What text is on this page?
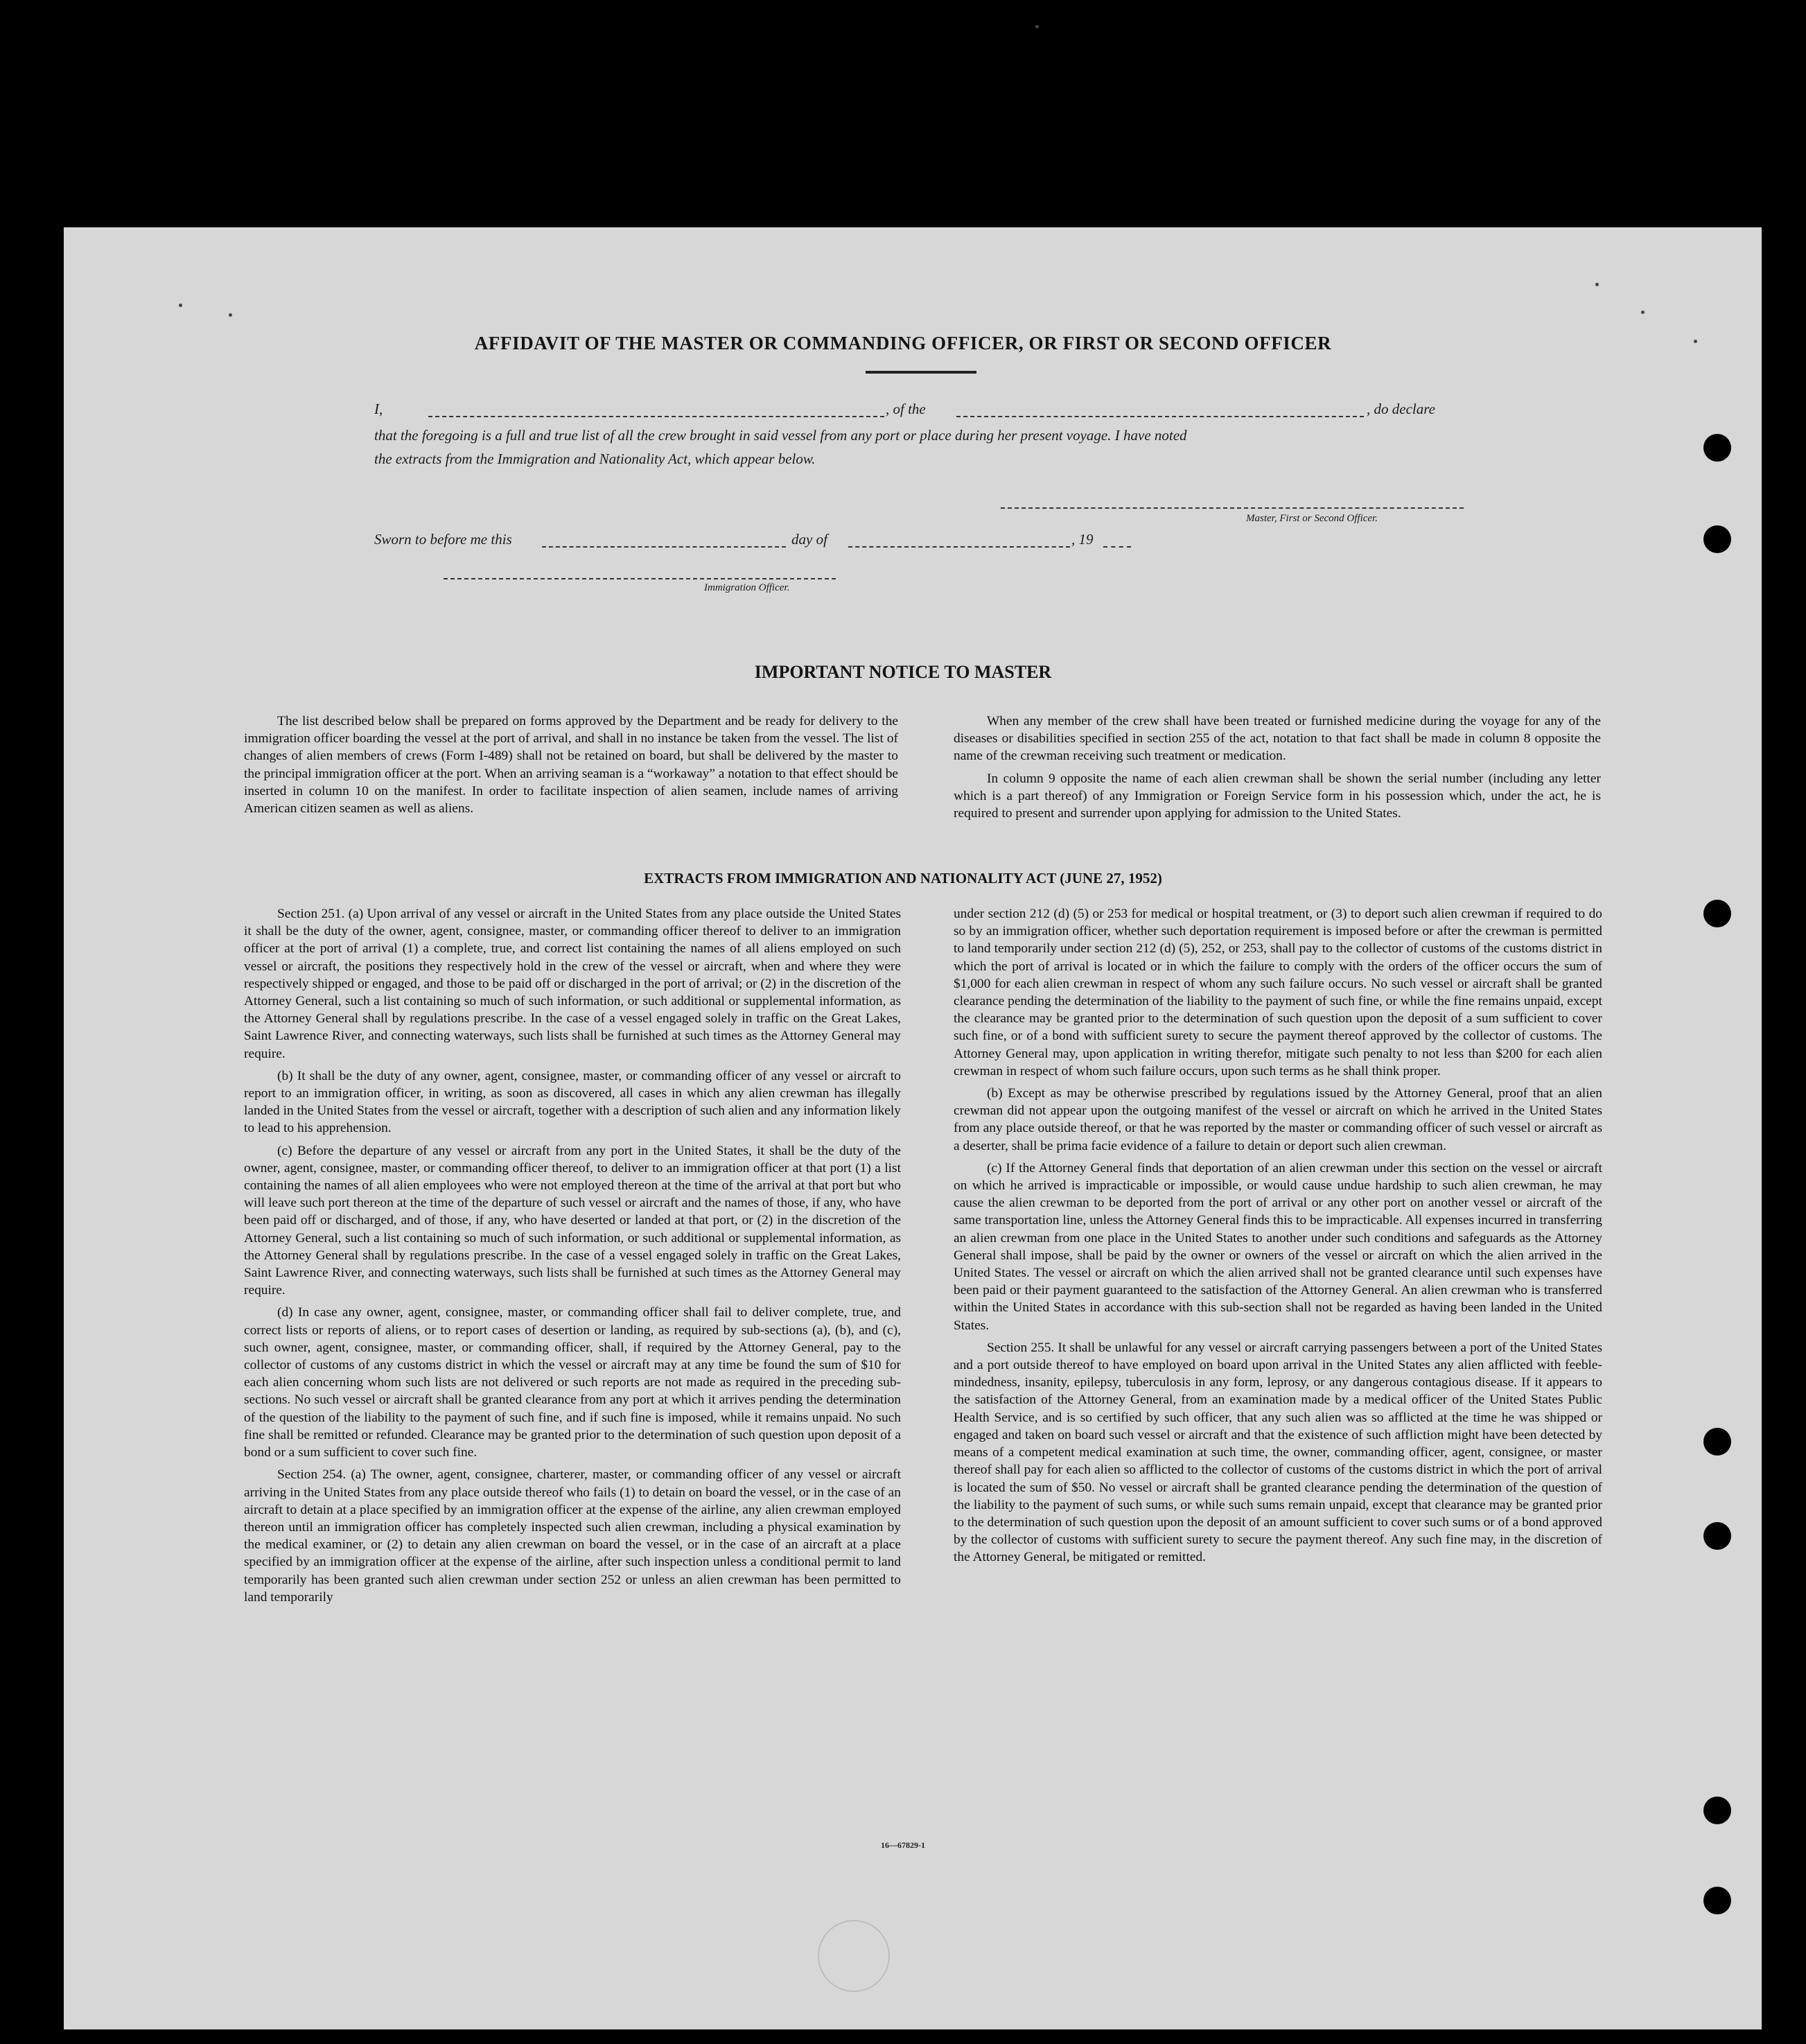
AFFIDAVIT OF THE MASTER OR COMMANDING OFFICER, OR FIRST OR SECOND OFFICER
I,	, of the	, do declare
that the foregoing is a full and true list of all the crew brought in said vessel from any port or place during her present voyage. I have noted
the extracts from the Immigration and Nationality Act, which appear below.
Master, First or Second Officer.
Sworn to before me this	day of	, 19
Immigration Officer.
IMPORTANT NOTICE TO MASTER

The list described below shall be prepared on forms approved by the Department and be ready for delivery to the immigration officer boarding the vessel at the port of arrival, and shall in no instance be taken from the vessel. The list of changes of alien members of crews (Form I-489) shall not be retained on board, but shall be delivered by the master to the principal immigration officer at the port. When an arriving seaman is a “workaway” a notation to that effect should be inserted in column 10 on the manifest. In order to facilitate inspection of alien seamen, include names of arriving American citizen seamen as well as aliens.

When any member of the crew shall have been treated or furnished medicine during the voyage for any of the diseases or disabilities specified in section 255 of the act, notation to that fact shall be made in column 8 opposite the name of the crewman receiving such treatment or medication.

In column 9 opposite the name of each alien crewman shall be shown the serial number (including any letter which is a part thereof) of any Immigration or Foreign Service form in his possession which, under the act, he is required to present and surrender upon applying for admission to the United States.

EXTRACTS FROM IMMIGRATION AND NATIONALITY ACT (JUNE 27, 1952)

Section 251. (a) Upon arrival of any vessel or aircraft in the United States from any place outside the United States it shall be the duty of the owner, agent, consignee, master, or commanding officer thereof to deliver to an immigration officer at the port of arrival (1) a complete, true, and correct list containing the names of all aliens employed on such vessel or aircraft, the positions they respectively hold in the crew of the vessel or aircraft, when and where they were respectively shipped or engaged, and those to be paid off or discharged in the port of arrival; or (2) in the discretion of the Attorney General, such a list containing so much of such information, or such additional or supplemental information, as the Attorney General shall by regulations prescribe. In the case of a vessel engaged solely in traffic on the Great Lakes, Saint Lawrence River, and connecting waterways, such lists shall be furnished at such times as the Attorney General may require.

(b) It shall be the duty of any owner, agent, consignee, master, or commanding officer of any vessel or aircraft to report to an immigration officer, in writing, as soon as discovered, all cases in which any alien crewman has illegally landed in the United States from the vessel or aircraft, together with a description of such alien and any information likely to lead to his apprehension.

(c) Before the departure of any vessel or aircraft from any port in the United States, it shall be the duty of the owner, agent, consignee, master, or commanding officer thereof, to deliver to an immigration officer at that port (1) a list containing the names of all alien employees who were not employed thereon at the time of the arrival at that port but who will leave such port thereon at the time of the departure of such vessel or aircraft and the names of those, if any, who have been paid off or discharged, and of those, if any, who have deserted or landed at that port, or (2) in the discretion of the Attorney General, such a list containing so much of such information, or such additional or supplemental information, as the Attorney General shall by regulations prescribe. In the case of a vessel engaged solely in traffic on the Great Lakes, Saint Lawrence River, and connecting waterways, such lists shall be furnished at such times as the Attorney General may require.

(d) In case any owner, agent, consignee, master, or commanding officer shall fail to deliver complete, true, and correct lists or reports of aliens, or to report cases of desertion or landing, as required by sub-sections (a), (b), and (c), such owner, agent, consignee, master, or commanding officer, shall, if required by the Attorney General, pay to the collector of customs of any customs district in which the vessel or aircraft may at any time be found the sum of $10 for each alien concerning whom such lists are not delivered or such reports are not made as required in the preceding sub-sections. No such vessel or aircraft shall be granted clearance from any port at which it arrives pending the determination of the question of the liability to the payment of such fine, and if such fine is imposed, while it remains unpaid. No such fine shall be remitted or refunded. Clearance may be granted prior to the determination of such question upon deposit of a bond or a sum sufficient to cover such fine.

Section 254. (a) The owner, agent, consignee, charterer, master, or commanding officer of any vessel or aircraft arriving in the United States from any place outside thereof who fails (1) to detain on board the vessel, or in the case of an aircraft to detain at a place specified by an immigration officer at the expense of the airline, any alien crewman employed thereon until an immigration officer has completely inspected such alien crewman, including a physical examination by the medical examiner, or (2) to detain any alien crewman on board the vessel, or in the case of an aircraft at a place specified by an immigration officer at the expense of the airline, after such inspection unless a conditional permit to land temporarily has been granted such alien crewman under section 252 or unless an alien crewman has been permitted to land temporarily

under section 212 (d) (5) or 253 for medical or hospital treatment, or (3) to deport such alien crewman if required to do so by an immigration officer, whether such deportation requirement is imposed before or after the crewman is permitted to land temporarily under section 212 (d) (5), 252, or 253, shall pay to the collector of customs of the customs district in which the port of arrival is located or in which the failure to comply with the orders of the officer occurs the sum of $1,000 for each alien crewman in respect of whom any such failure occurs. No such vessel or aircraft shall be granted clearance pending the determination of the liability to the payment of such fine, or while the fine remains unpaid, except the clearance may be granted prior to the determination of such question upon the deposit of a sum sufficient to cover such fine, or of a bond with sufficient surety to secure the payment thereof approved by the collector of customs. The Attorney General may, upon application in writing therefor, mitigate such penalty to not less than $200 for each alien crewman in respect of whom such failure occurs, upon such terms as he shall think proper.

(b) Except as may be otherwise prescribed by regulations issued by the Attorney General, proof that an alien crewman did not appear upon the outgoing manifest of the vessel or aircraft on which he arrived in the United States from any place outside thereof, or that he was reported by the master or commanding officer of such vessel or aircraft as a deserter, shall be prima facie evidence of a failure to detain or deport such alien crewman.

(c) If the Attorney General finds that deportation of an alien crewman under this section on the vessel or aircraft on which he arrived is impracticable or impossible, or would cause undue hardship to such alien crewman, he may cause the alien crewman to be deported from the port of arrival or any other port on another vessel or aircraft of the same transportation line, unless the Attorney General finds this to be impracticable. All expenses incurred in transferring an alien crewman from one place in the United States to another under such conditions and safeguards as the Attorney General shall impose, shall be paid by the owner or owners of the vessel or aircraft on which the alien arrived in the United States. The vessel or aircraft on which the alien arrived shall not be granted clearance until such expenses have been paid or their payment guaranteed to the satisfaction of the Attorney General. An alien crewman who is transferred within the United States in accordance with this sub-section shall not be regarded as having been landed in the United States.

Section 255. It shall be unlawful for any vessel or aircraft carrying passengers between a port of the United States and a port outside thereof to have employed on board upon arrival in the United States any alien afflicted with feeble-mindedness, insanity, epilepsy, tuberculosis in any form, leprosy, or any dangerous contagious disease. If it appears to the satisfaction of the Attorney General, from an examination made by a medical officer of the United States Public Health Service, and is so certified by such officer, that any such alien was so afflicted at the time he was shipped or engaged and taken on board such vessel or aircraft and that the existence of such affliction might have been detected by means of a competent medical examination at such time, the owner, commanding officer, agent, consignee, or master thereof shall pay for each alien so afflicted to the collector of customs of the customs district in which the port of arrival is located the sum of $50. No vessel or aircraft shall be granted clearance pending the determination of the question of the liability to the payment of such sums, or while such sums remain unpaid, except that clearance may be granted prior to the determination of such question upon the deposit of an amount sufficient to cover such sums or of a bond approved by the collector of customs with sufficient surety to secure the payment thereof. Any such fine may, in the discretion of the Attorney General, be mitigated or remitted.

16—67829-1
